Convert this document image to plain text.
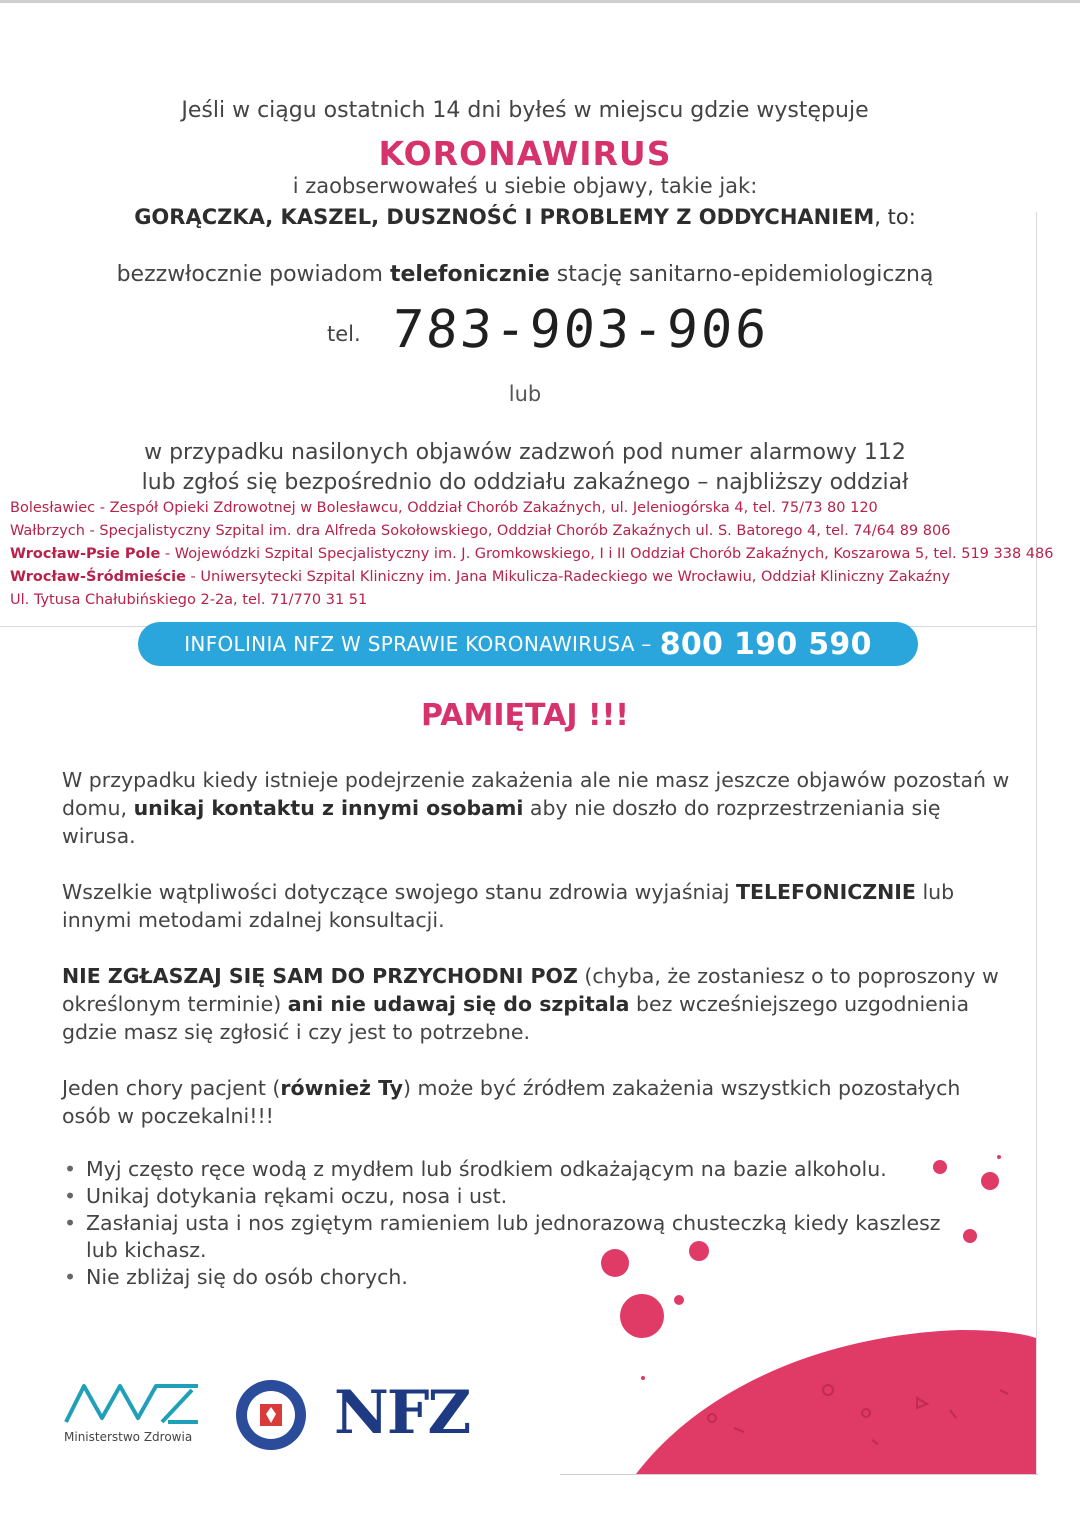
Jeśli w ciągu ostatnich 14 dni byłeś w miejscu gdzie występuje
KORONAWIRUS
i zaobserwowałeś u siebie objawy, takie jak:
GORĄCZKA, KASZEL, DUSZNOŚĆ I PROBLEMY Z ODDYCHANIEM, to:
bezzwłocznie powiadom telefonicznie stację sanitarno-epidemiologiczną
tel. 783-903-906
lub
w przypadku nasilonych objawów zadzwoń pod numer alarmowy 112
lub zgłoś się bezpośrednio do oddziału zakaźnego – najbliższy oddział
Bolesławiec - Zespół Opieki Zdrowotnej w Bolesławcu, Oddział Chorób Zakaźnych, ul. Jeleniogórska 4, tel. 75/73 80 120
Wałbrzych - Specjalistyczny Szpital im. dra Alfreda Sokołowskiego, Oddział Chorób Zakaźnych ul. S. Batorego 4, tel. 74/64 89 806
Wrocław-Psie Pole - Wojewódzki Szpital Specjalistyczny im. J. Gromkowskiego, I i II Oddział Chorób Zakaźnych, Koszarowa 5, tel. 519 338 486
Wrocław-Śródmieście - Uniwersytecki Szpital Kliniczny im. Jana Mikulicza-Radeckiego we Wrocławiu, Oddział Kliniczny Zakaźny
Ul. Tytusa Chałubińskiego 2-2a, tel. 71/770 31 51
INFOLINIA NFZ W SPRAWIE KORONAWIRUSA – 800 190 590
PAMIĘTAJ !!!
W przypadku kiedy istnieje podejrzenie zakażenia ale nie masz jeszcze objawów pozostań w domu, unikaj kontaktu z innymi osobami aby nie doszło do rozprzestrzeniania się wirusa.
Wszelkie wątpliwości dotyczące swojego stanu zdrowia wyjaśniaj TELEFONICZNIE lub innymi metodami zdalnej konsultacji.
NIE ZGŁASZAJ SIĘ SAM DO PRZYCHODNI POZ (chyba, że zostaniesz o to poproszony w określonym terminie) ani nie udawaj się do szpitala bez wcześniejszego uzgodnienia gdzie masz się zgłosić i czy jest to potrzebne.
Jeden chory pacjent (również Ty) może być źródłem zakażenia wszystkich pozostałych osób w poczekalni!!!
• Myj często ręce wodą z mydłem lub środkiem odkażającym na bazie alkoholu.
• Unikaj dotykania rękami oczu, nosa i ust.
• Zasłaniaj usta i nos zgiętym ramieniem lub jednorazową chusteczką kiedy kaszlesz lub kichasz.
• Nie zbliżaj się do osób chorych.
Ministerstwo Zdrowia NFZ
